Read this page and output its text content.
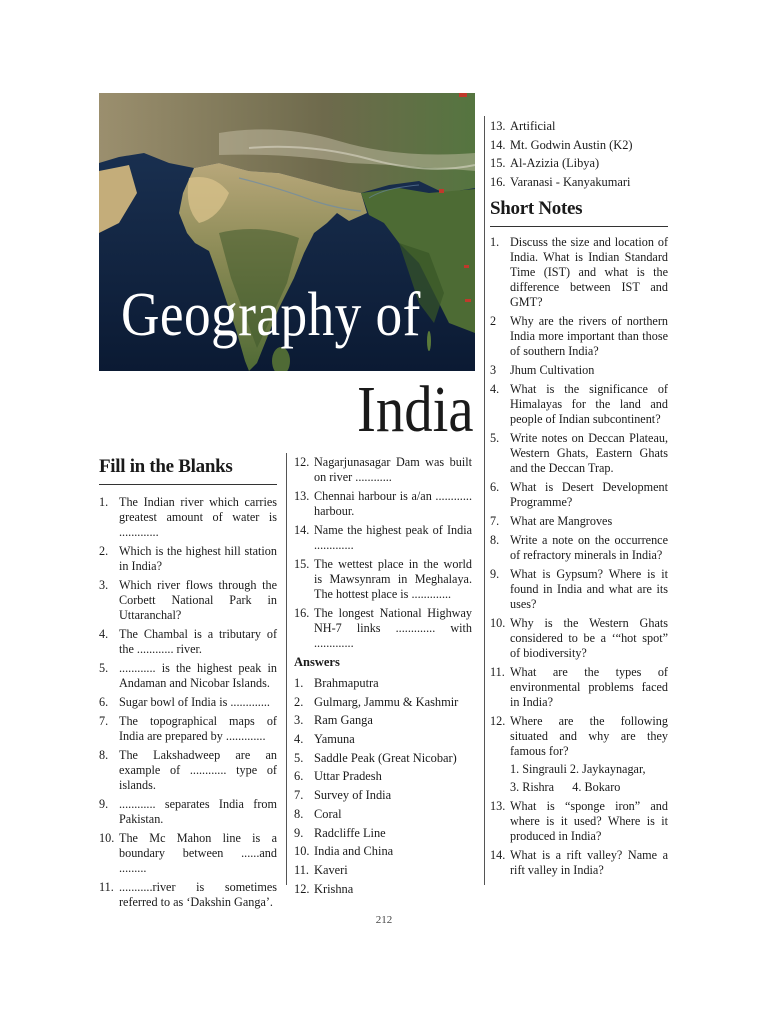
Geography of
India
Fill in the Blanks
1. The Indian river which carries greatest amount of water is .............
2. Which is the highest hill station in India?
3. Which river flows through the Corbett National Park in Uttaranchal?
4. The Chambal is a tributary of the ............ river.
5. ............ is the highest peak in Andaman and Nicobar Islands.
6. Sugar bowl of India is .............
7. The topographical maps of India are prepared by .............
8. The Lakshadweep are an example of ............ type of islands.
9. ............ separates India from Pakistan.
10. The Mc Mahon line is a boundary between ......and .........
11. ...........river is sometimes referred to as ‘Dakshin Ganga’.
12. Nagarjunasagar Dam was built on river ............
13. Chennai harbour is a/an ............ harbour.
14. Name the highest peak of India .............
15. The wettest place in the world is Mawsynram in Meghalaya. The hottest place is .............
16. The longest National Highway NH-7 links ............. with .............
Answers
1. Brahmaputra
2. Gulmarg, Jammu & Kashmir
3. Ram Ganga
4. Yamuna
5. Saddle Peak (Great Nicobar)
6. Uttar Pradesh
7. Survey of India
8. Coral
9. Radcliffe Line
10. India and China
11. Kaveri
12. Krishna
13. Artificial
14. Mt. Godwin Austin (K2)
15. Al-Azizia (Libya)
16. Varanasi - Kanyakumari
Short Notes
1. Discuss the size and location of India. What is Indian Standard Time (IST) and what is the difference between IST and GMT?
2 Why are the rivers of northern India more important than those of southern India?
3 Jhum Cultivation
4. What is the significance of Himalayas for the land and people of Indian subcontinent?
5. Write notes on Deccan Plateau, Western Ghats, Eastern Ghats and the Deccan Trap.
6. What is Desert Development Programme?
7. What are Mangroves
8. Write a note on the occurrence of refractory minerals in India?
9. What is Gypsum? Where is it found in India and what are its uses?
10. Why is the Western Ghats considered to be a ‘“hot spot” of biodiversity?
11. What are the types of environmental problems faced in India?
12. Where are the following situated and why are they famous for?
1. Singrauli 2. Jaykaynagar,
3. Rishra      4. Bokaro
13. What is “sponge iron” and where is it used? Where is it produced in India?
14. What is a rift valley? Name a rift valley in India?
212
